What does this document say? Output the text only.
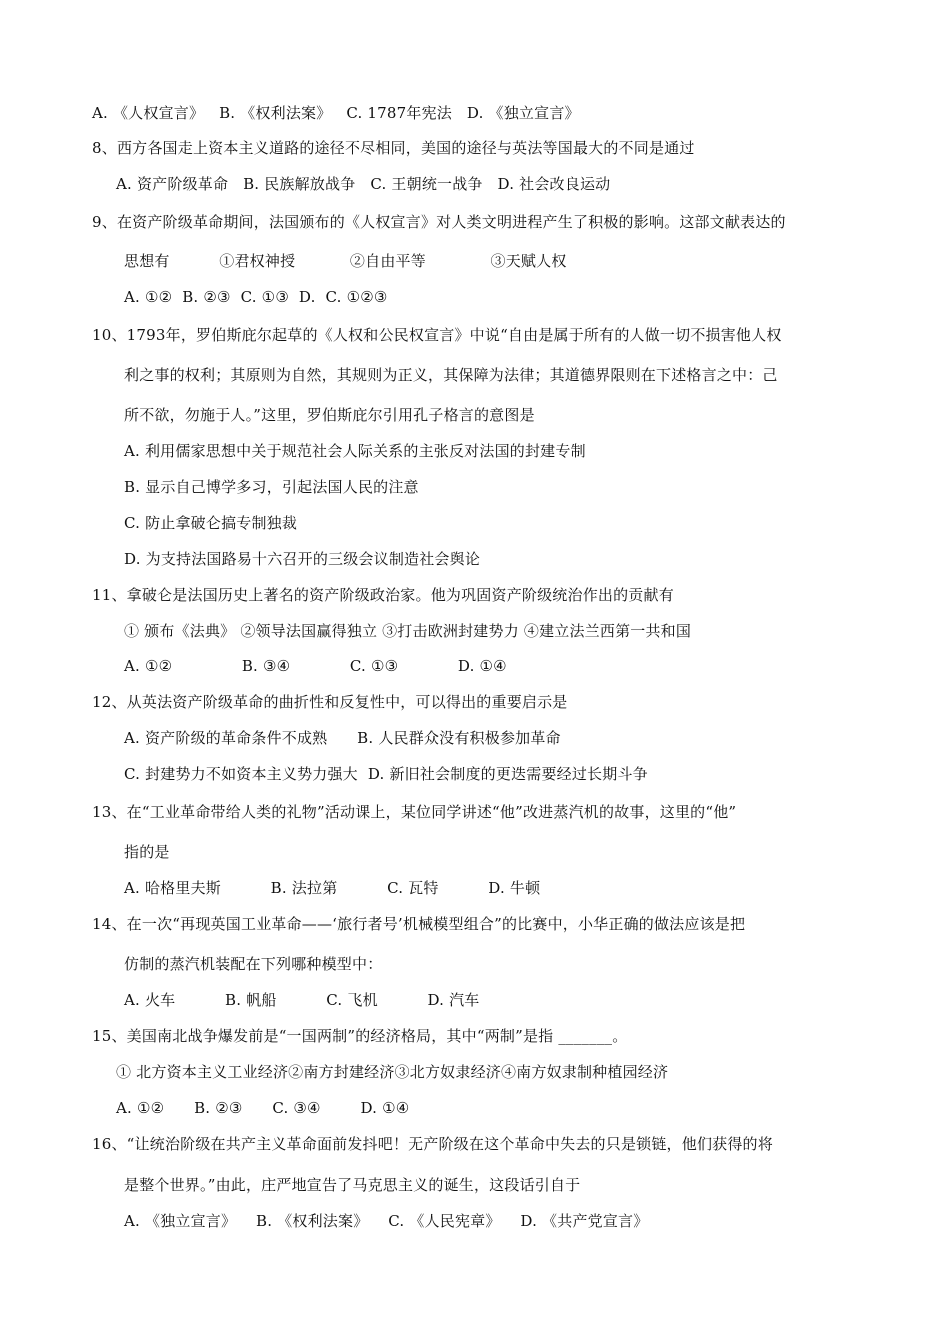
A. 《人权宣言》   B. 《权利法案》   C. 1787年宪法   D. 《独立宣言》
8、西方各国走上资本主义道路的途径不尽相同，美国的途径与英法等国最大的不同是通过
A. 资产阶级革命   B. 民族解放战争   C. 王朝统一战争   D. 社会改良运动
9、在资产阶级革命期间，法国颁布的《人权宣言》对人类文明进程产生了积极的影响。这部文献表达的
思想有          ①君权神授           ②自由平等             ③天赋人权
A. ①②  B. ②③  C. ①③  D.  C. ①②③
10、1793年，罗伯斯庇尔起草的《人权和公民权宣言》中说“自由是属于所有的人做一切不损害他人权
利之事的权利；其原则为自然，其规则为正义，其保障为法律；其道德界限则在下述格言之中：己
所不欲，勿施于人。”这里，罗伯斯庇尔引用孔子格言的意图是
A. 利用儒家思想中关于规范社会人际关系的主张反对法国的封建专制
B. 显示自己博学多习，引起法国人民的注意
C. 防止拿破仑搞专制独裁
D. 为支持法国路易十六召开的三级会议制造社会舆论
11、拿破仑是法国历史上著名的资产阶级政治家。他为巩固资产阶级统治作出的贡献有
① 颁布《法典》 ②领导法国赢得独立 ③打击欧洲封建势力 ④建立法兰西第一共和国
A. ①②              B. ③④            C. ①③            D. ①④
12、从英法资产阶级革命的曲折性和反复性中，可以得出的重要启示是
A. 资产阶级的革命条件不成熟      B. 人民群众没有积极参加革命
C. 封建势力不如资本主义势力强大  D. 新旧社会制度的更迭需要经过长期斗争
13、在“工业革命带给人类的礼物”活动课上，某位同学讲述“他”改进蒸汽机的故事，这里的“他”
指的是
A. 哈格里夫斯          B. 法拉第          C. 瓦特          D. 牛顿
14、在一次“再现英国工业革命——‘旅行者号’机械模型组合”的比赛中，小华正确的做法应该是把
仿制的蒸汽机装配在下列哪种模型中：
A. 火车          B. 帆船          C. 飞机          D. 汽车
15、美国南北战争爆发前是“一国两制”的经济格局，其中“两制”是指 _______。
① 北方资本主义工业经济②南方封建经济③北方奴隶经济④南方奴隶制种植园经济
A. ①②      B. ②③      C. ③④        D. ①④
16、“让统治阶级在共产主义革命面前发抖吧！无产阶级在这个革命中失去的只是锁链，他们获得的将
是整个世界。”由此，庄严地宣告了马克思主义的诞生，这段话引自于
A. 《独立宣言》    B. 《权利法案》    C. 《人民宪章》    D. 《共产党宣言》
